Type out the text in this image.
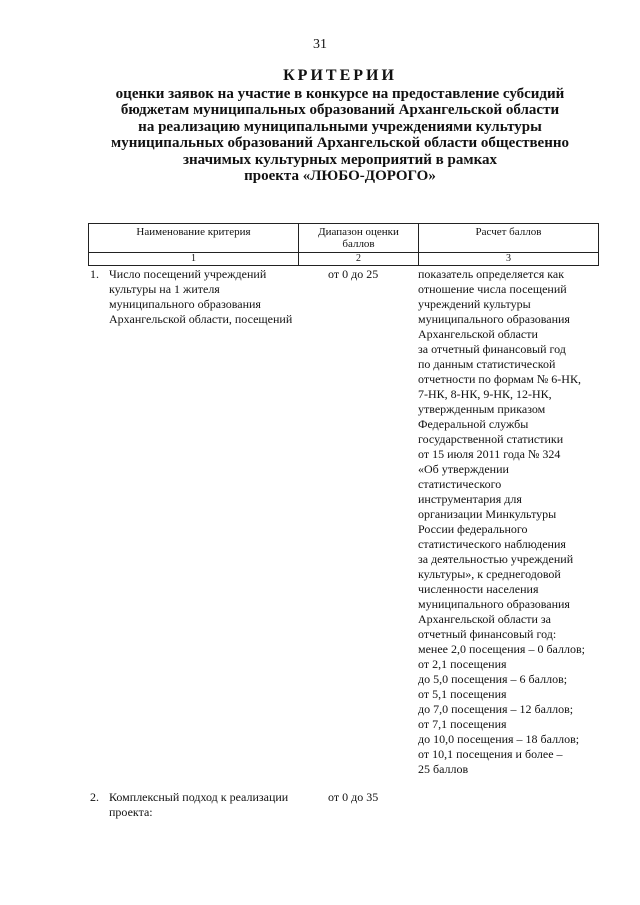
31
КРИТЕРИИ
оценки заявок на участие в конкурсе на предоставление субсидий
бюджетам муниципальных образований Архангельской области
на реализацию муниципальными учреждениями культуры
муниципальных образований Архангельской области общественно
значимых культурных мероприятий в рамках
проекта «ЛЮБО-ДОРОГО»
Наименование критерия	Диапазон оценки баллов	Расчет баллов
1	2	3
1. Число посещений учреждений культуры на 1 жителя муниципального образования Архангельской области, посещений
от 0 до 25	показатель определяется как
отношение числа посещений
учреждений культуры
муниципального образования
Архангельской области
за отчетный финансовый год
по данным статистической
отчетности по формам № 6-НК,
7-НК, 8-НК, 9-НК, 12-НК,
утвержденным приказом
Федеральной службы
государственной статистики
от 15 июля 2011 года № 324
«Об утверждении
статистического
инструментария для
организации Минкультуры
России федерального
статистического наблюдения
за деятельностью учреждений
культуры», к среднегодовой
численности населения
муниципального образования
Архангельской области за
отчетный финансовый год:
менее 2,0 посещения – 0 баллов;
от 2,1 посещения
до 5,0 посещения – 6 баллов;
от 5,1 посещения
до 7,0 посещения – 12 баллов;
от 7,1 посещения
до 10,0 посещения – 18 баллов;
от 10,1 посещения и более –
25 баллов
2. Комплексный подход к реализации проекта:
от 0 до 35
